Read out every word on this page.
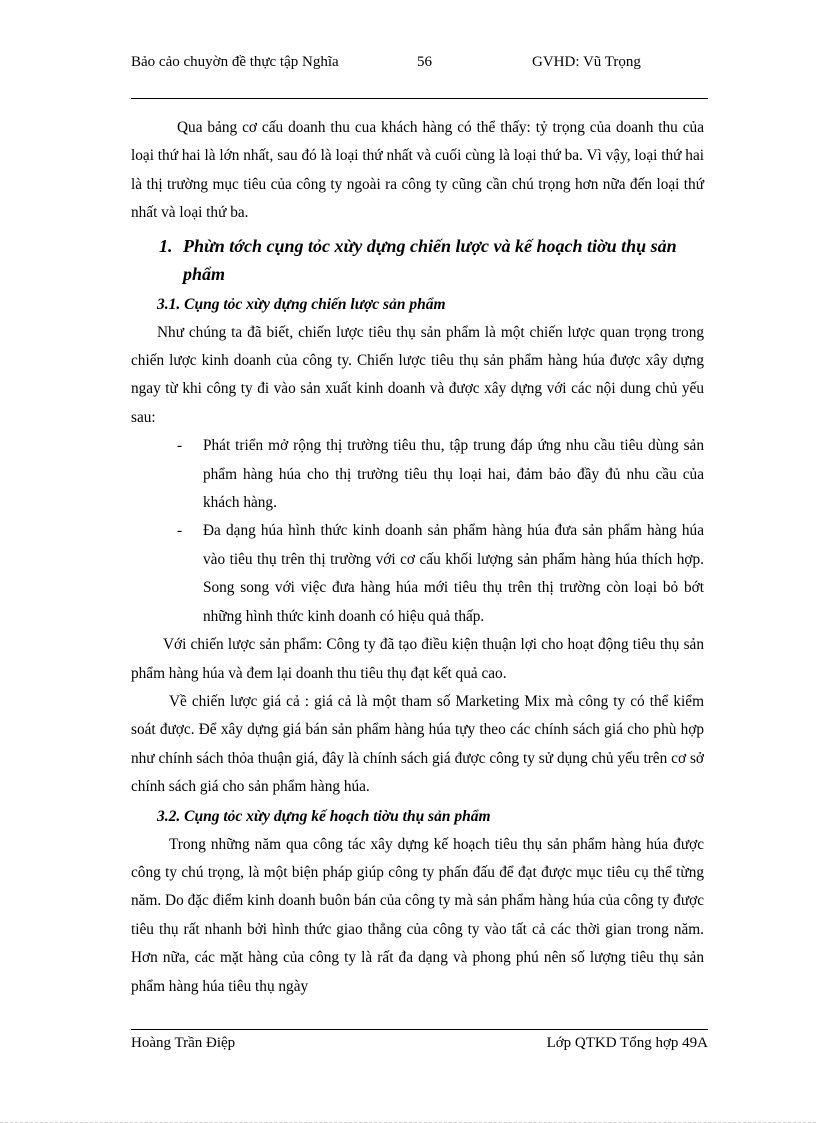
Bảo cảo chuyờn đề thực tập Nghĩa	56	GVHD: Vũ Trọng

Qua bảng cơ cấu doanh thu cua khách hàng có thể thấy: tỷ trọng của doanh thu của loại thứ hai là lớn nhất, sau đó là loại thứ nhất và cuối cùng là loại thứ ba. Vì vậy, loại thứ hai là thị trường mục tiêu của công ty ngoài ra công ty cũng cần chú trọng hơn nữa đến loại thứ nhất và loại thứ ba.

1. Phừn tớch cụng tỏc xừy dựng chiến lược và kế hoạch tiờu thụ sản phẩm
3.1. Cụng tỏc xừy dựng chiến lược sản phẩm

Như chúng ta đã biết, chiến lược tiêu thụ sản phẩm là một chiến lược quan trọng trong chiến lược kinh doanh của công ty. Chiến lược tiêu thụ sản phẩm hàng húa được xây dựng ngay từ khi công ty đi vào sản xuất kinh doanh và được xây dựng với các nội dung chủ yếu sau:

-	Phát triển mở rộng thị trường tiêu thu, tập trung đáp ứng nhu cầu tiêu dùng sản phẩm hàng húa cho thị trường tiêu thụ loại hai, đảm bảo đầy đủ nhu cầu của khách hàng.
-	Đa dạng húa hình thức kinh doanh sản phẩm hàng húa đưa sản phẩm hàng húa vào tiêu thụ trên thị trường với cơ cấu khối lượng sản phẩm hàng húa thích hợp. Song song với việc đưa hàng húa mới tiêu thụ trên thị trường còn loại bỏ bớt những hình thức kinh doanh có hiệu quả thấp.

Với chiến lược sản phẩm: Công ty đã tạo điều kiện thuận lợi cho hoạt động tiêu thụ sản phẩm hàng húa và đem lại doanh thu tiêu thụ đạt kết quả cao.

Về chiến lược giá cả : giá cả là một tham số Marketing Mix mà công ty có thể kiểm soát được. Để xây dựng giá bán sản phẩm hàng húa tựy theo các chính sách giá cho phù hợp như chính sách thỏa thuận giá, đây là chính sách giá được công ty sử dụng chủ yếu trên cơ sở chính sách giá cho sản phẩm hàng húa.

3.2. Cụng tỏc xừy dựng kế hoạch tiờu thụ sản phẩm

Trong những năm qua công tác xây dựng kế hoạch tiêu thụ sản phẩm hàng húa được công ty chú trọng, là một biện pháp giúp công ty phấn đấu để đạt được mục tiêu cụ thể từng năm. Do đặc điểm kinh doanh buôn bán của công ty mà sản phẩm hàng húa của công ty được tiêu thụ rất nhanh bởi hình thức giao thẳng của công ty vào tất cả các thời gian trong năm. Hơn nữa, các mặt hàng của công ty là rất đa dạng và phong phú nên số lượng tiêu thụ sản phẩm hàng húa tiêu thụ ngày

Hoàng Trần Điệp	Lớp QTKD Tổng hợp 49A
